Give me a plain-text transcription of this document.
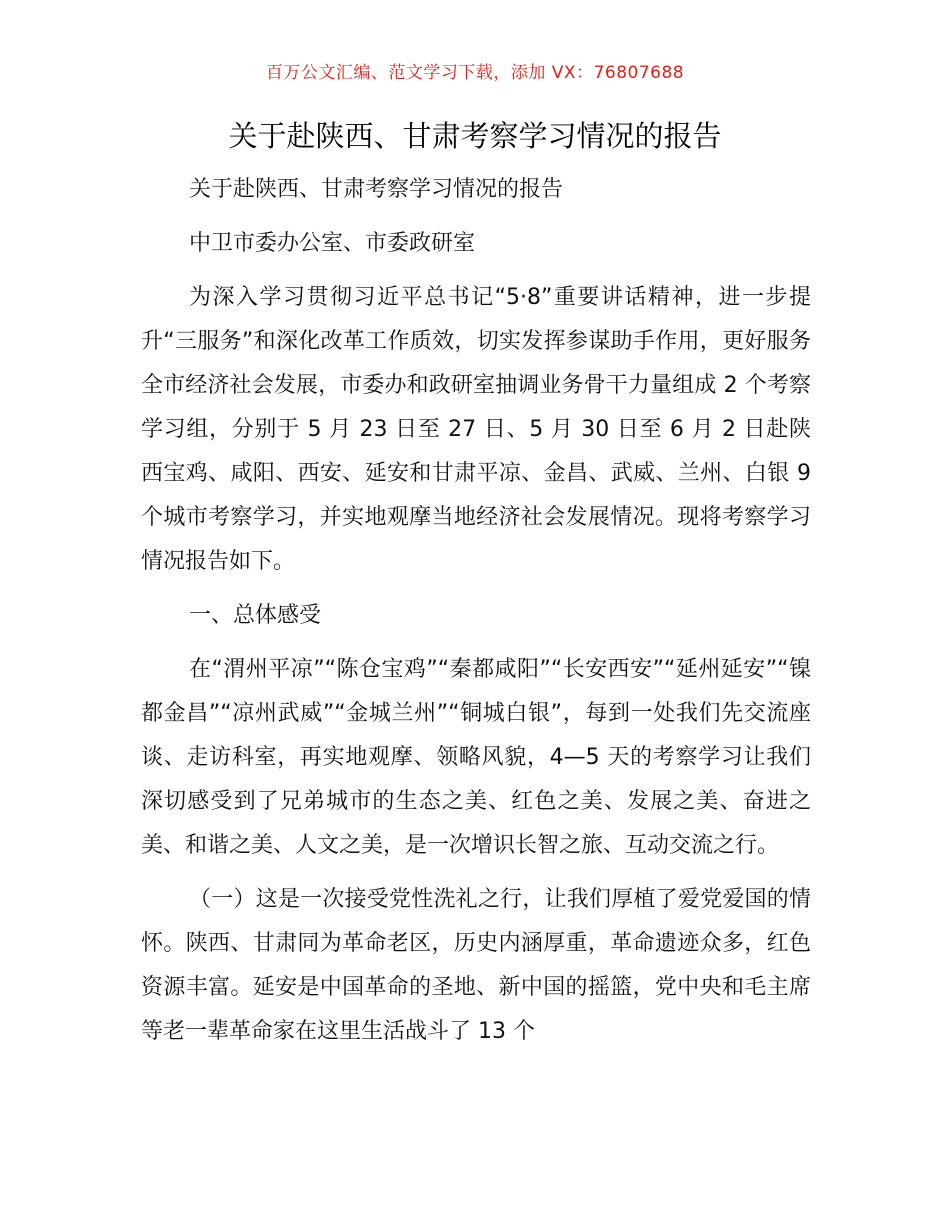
百万公文汇编、范文学习下载，添加 VX：76807688
关于赴陕西、甘肃考察学习情况的报告

关于赴陕西、甘肃考察学习情况的报告

中卫市委办公室、市委政研室

为深入学习贯彻习近平总书记“5·8”重要讲话精神，进一步提升“三服务”和深化改革工作质效，切实发挥参谋助手作用，更好服务全市经济社会发展，市委办和政研室抽调业务骨干力量组成 2 个考察学习组，分别于 5 月 23 日至 27 日、5 月 30 日至 6 月 2 日赴陕西宝鸡、咸阳、西安、延安和甘肃平凉、金昌、武威、兰州、白银 9 个城市考察学习，并实地观摩当地经济社会发展情况。现将考察学习情况报告如下。

一、总体感受

在“渭州平凉”“陈仓宝鸡”“秦都咸阳”“长安西安”“延州延安”“镍都金昌”“凉州武威”“金城兰州”“铜城白银”，每到一处我们先交流座谈、走访科室，再实地观摩、领略风貌，4—5 天的考察学习让我们深切感受到了兄弟城市的生态之美、红色之美、发展之美、奋进之美、和谐之美、人文之美，是一次增识长智之旅、互动交流之行。

（一）这是一次接受党性洗礼之行，让我们厚植了爱党爱国的情怀。陕西、甘肃同为革命老区，历史内涵厚重，革命遗迹众多，红色资源丰富。延安是中国革命的圣地、新中国的摇篮，党中央和毛主席等老一辈革命家在这里生活战斗了 13 个
